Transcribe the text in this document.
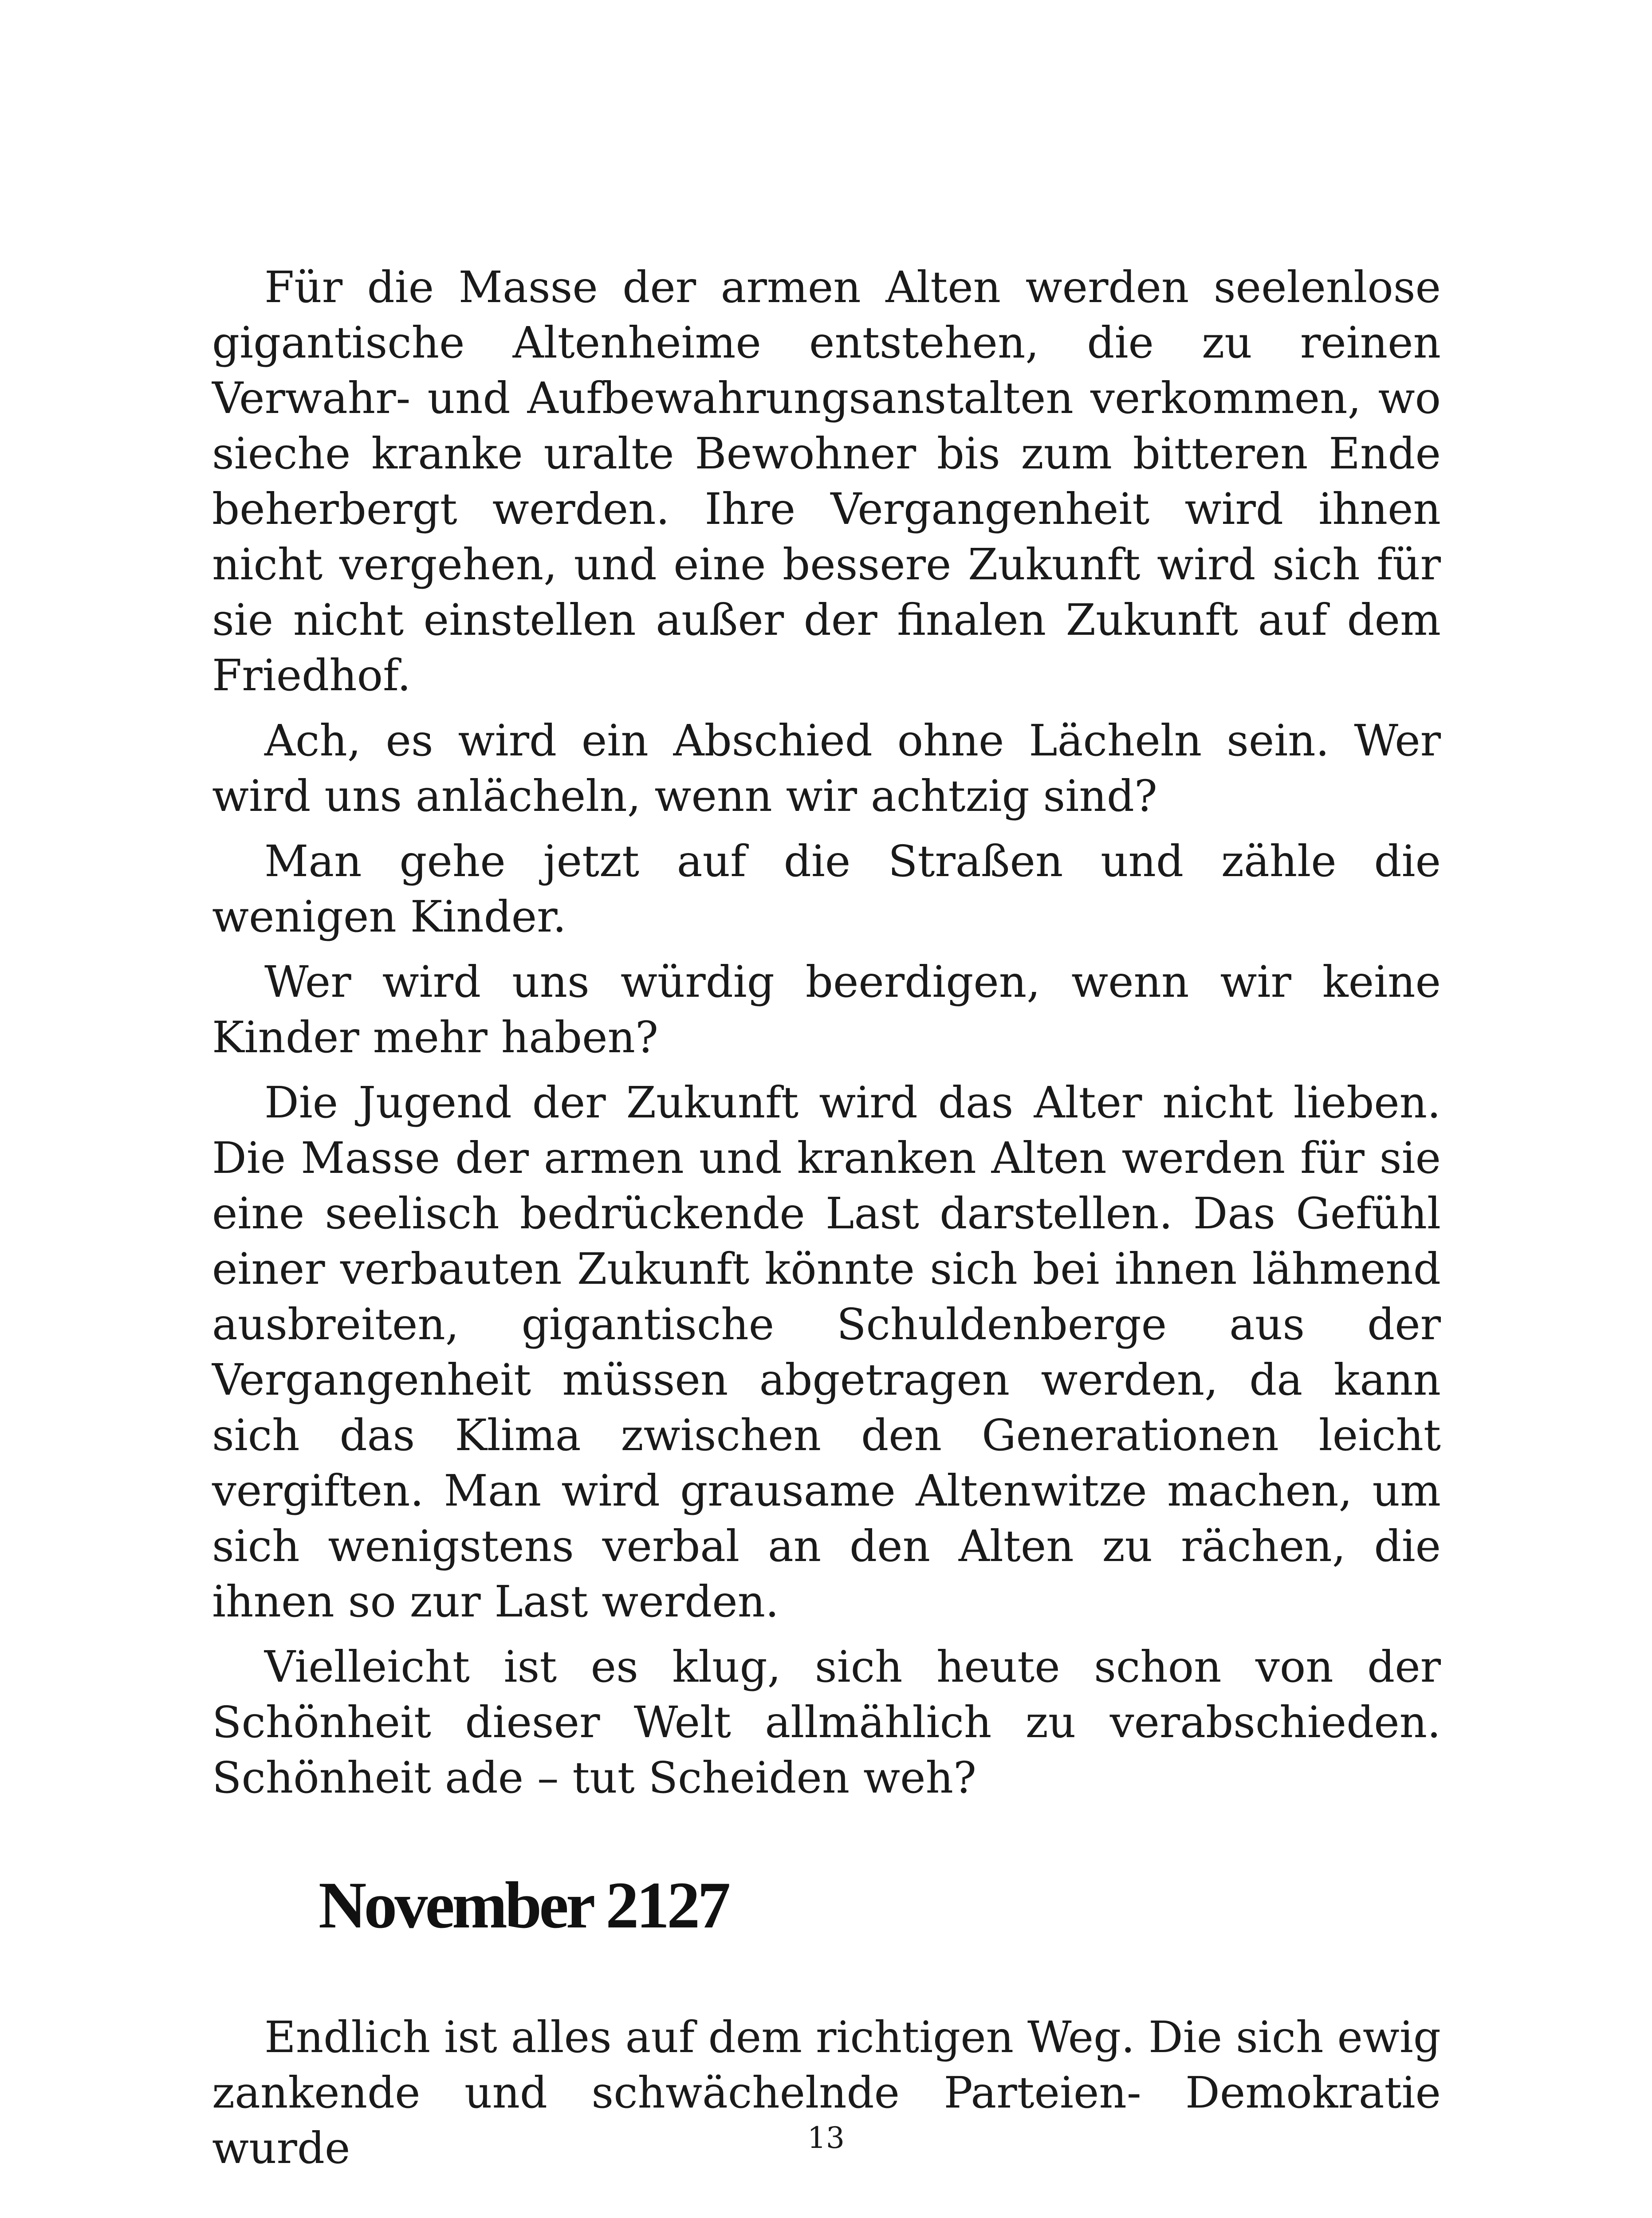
Für die Masse der armen Alten werden seelenlose gigantische Altenheime entstehen, die zu reinen Verwahr- und Aufbewahrungsanstalten verkommen, wo sieche kranke uralte Bewohner bis zum bitteren Ende beherbergt werden. Ihre Vergangenheit wird ihnen nicht vergehen, und eine bessere Zukunft wird sich für sie nicht einstellen außer der finalen Zukunft auf dem Friedhof.

Ach, es wird ein Abschied ohne Lächeln sein. Wer wird uns anlächeln, wenn wir achtzig sind?

Man gehe jetzt auf die Straßen und zähle die wenigen Kinder.

Wer wird uns würdig beerdigen, wenn wir keine Kinder mehr haben?

Die Jugend der Zukunft wird das Alter nicht lieben. Die Masse der armen und kranken Alten werden für sie eine seelisch bedrückende Last darstellen. Das Gefühl einer verbauten Zukunft könnte sich bei ihnen lähmend ausbreiten, gigantische Schuldenberge aus der Vergangenheit müssen abgetragen werden, da kann sich das Klima zwischen den Generationen leicht vergiften. Man wird grausame Altenwitze machen, um sich wenigstens verbal an den Alten zu rächen, die ihnen so zur Last werden.

Vielleicht ist es klug, sich heute schon von der Schönheit dieser Welt allmählich zu verabschieden. Schönheit ade – tut Scheiden weh?

November 2127

Endlich ist alles auf dem richtigen Weg. Die sich ewig zankende und schwächelnde Parteien- Demokratie wurde	13
